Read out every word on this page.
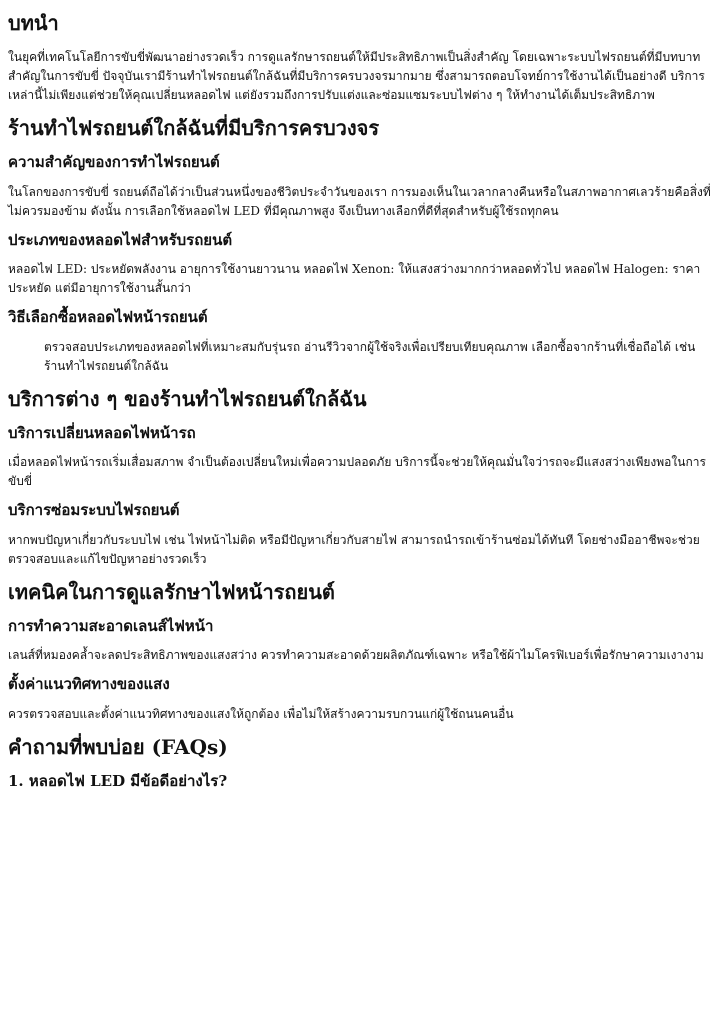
บทนำ

ในยุคที่เทคโนโลยีการขับขี่พัฒนาอย่างรวดเร็ว การดูแลรักษารถยนต์ให้มีประสิทธิภาพเป็นสิ่งสำคัญ โดยเฉพาะระบบไฟรถยนต์ที่มีบทบาทสำคัญในการขับขี่ ปัจจุบันเรามีร้านทำไฟรถยนต์ใกล้ฉันที่มีบริการครบวงจรมากมาย ซึ่งสามารถตอบโจทย์การใช้งานได้เป็นอย่างดี บริการเหล่านี้ไม่เพียงแต่ช่วยให้คุณเปลี่ยนหลอดไฟ แต่ยังรวมถึงการปรับแต่งและซ่อมแซมระบบไฟต่าง ๆ ให้ทำงานได้เต็มประสิทธิภาพ

ร้านทำไฟรถยนต์ใกล้ฉันที่มีบริการครบวงจร
ความสำคัญของการทำไฟรถยนต์

ในโลกของการขับขี่ รถยนต์ถือได้ว่าเป็นส่วนหนึ่งของชีวิตประจำวันของเรา การมองเห็นในเวลากลางคืนหรือในสภาพอากาศเลวร้ายคือสิ่งที่ไม่ควรมองข้าม ดังนั้น การเลือกใช้หลอดไฟ LED ที่มีคุณภาพสูง จึงเป็นทางเลือกที่ดีที่สุดสำหรับผู้ใช้รถทุกคน

ประเภทของหลอดไฟสำหรับรถยนต์

หลอดไฟ LED: ประหยัดพลังงาน อายุการใช้งานยาวนาน หลอดไฟ Xenon: ให้แสงสว่างมากกว่าหลอดทั่วไป หลอดไฟ Halogen: ราคาประหยัด แต่มีอายุการใช้งานสั้นกว่า

วิธีเลือกซื้อหลอดไฟหน้ารถยนต์

ตรวจสอบประเภทของหลอดไฟที่เหมาะสมกับรุ่นรถ อ่านรีวิวจากผู้ใช้จริงเพื่อเปรียบเทียบคุณภาพ เลือกซื้อจากร้านที่เชื่อถือได้ เช่น ร้านทำไฟรถยนต์ใกล้ฉัน

บริการต่าง ๆ ของร้านทำไฟรถยนต์ใกล้ฉัน
บริการเปลี่ยนหลอดไฟหน้ารถ

เมื่อหลอดไฟหน้ารถเริ่มเสื่อมสภาพ จำเป็นต้องเปลี่ยนใหม่เพื่อความปลอดภัย บริการนี้จะช่วยให้คุณมั่นใจว่ารถจะมีแสงสว่างเพียงพอในการขับขี่

บริการซ่อมระบบไฟรถยนต์

หากพบปัญหาเกี่ยวกับระบบไฟ เช่น ไฟหน้าไม่ติด หรือมีปัญหาเกี่ยวกับสายไฟ สามารถนำรถเข้าร้านซ่อมได้ทันที โดยช่างมืออาชีพจะช่วยตรวจสอบและแก้ไขปัญหาอย่างรวดเร็ว

เทคนิคในการดูแลรักษาไฟหน้ารถยนต์
การทำความสะอาดเลนส์ไฟหน้า

เลนส์ที่หมองคล้ำจะลดประสิทธิภาพของแสงสว่าง ควรทำความสะอาดด้วยผลิตภัณฑ์เฉพาะ หรือใช้ผ้าไมโครฟิเบอร์เพื่อรักษาความเงางาม

ตั้งค่าแนวทิศทางของแสง

ควรตรวจสอบและตั้งค่าแนวทิศทางของแสงให้ถูกต้อง เพื่อไม่ให้สร้างความรบกวนแก่ผู้ใช้ถนนคนอื่น

คำถามที่พบบ่อย (FAQs)
1. หลอดไฟ LED มีข้อดีอย่างไร?
